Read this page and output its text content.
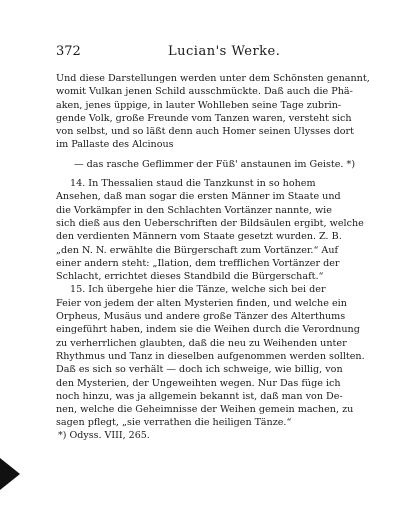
372	Lucian's Werke.
Und diese Darstellungen werden unter dem Schönsten genannt,
womit Vulkan jenen Schild ausschmückte. Daß auch die Phä-
aken, jenes üppige, in lauter Wohlleben seine Tage zubrin-
gende Volk, große Freunde vom Tanzen waren, versteht sich
von selbst, und so läßt denn auch Homer seinen Ulysses dort
im Pallaste des Alcinous
— das rasche Geflimmer der Füß' anstaunen im Geiste. *)
14. In Thessalien staud die Tanzkunst in so hohem
Ansehen, daß man sogar die ersten Männer im Staate und
die Vorkämpfer in den Schlachten Vortänzer nannte, wie
sich dieß aus den Ueberschriften der Bildsäulen ergibt, welche
den verdienten Männern vom Staate gesetzt wurden. Z. B.
„den N. N. erwählte die Bürgerschaft zum Vortänzer.“ Auf
einer andern steht: „Ilation, dem trefflichen Vortänzer der
Schlacht, errichtet dieses Standbild die Bürgerschaft.“
15. Ich übergehe hier die Tänze, welche sich bei der
Feier von jedem der alten Mysterien finden, und welche ein
Orpheus, Musäus und andere große Tänzer des Alterthums
eingeführt haben, indem sie die Weihen durch die Verordnung
zu verherrlichen glaubten, daß die neu zu Weihenden unter
Rhythmus und Tanz in dieselben aufgenommen werden sollten.
Daß es sich so verhält — doch ich schweige, wie billig, von
den Mysterien, der Ungeweihten wegen. Nur Das füge ich
noch hinzu, was ja allgemein bekannt ist, daß man von De-
nen, welche die Geheimnisse der Weihen gemein machen, zu
sagen pflegt, „sie verrathen die heiligen Tänze.“
*) Odyss. VIII, 265.
